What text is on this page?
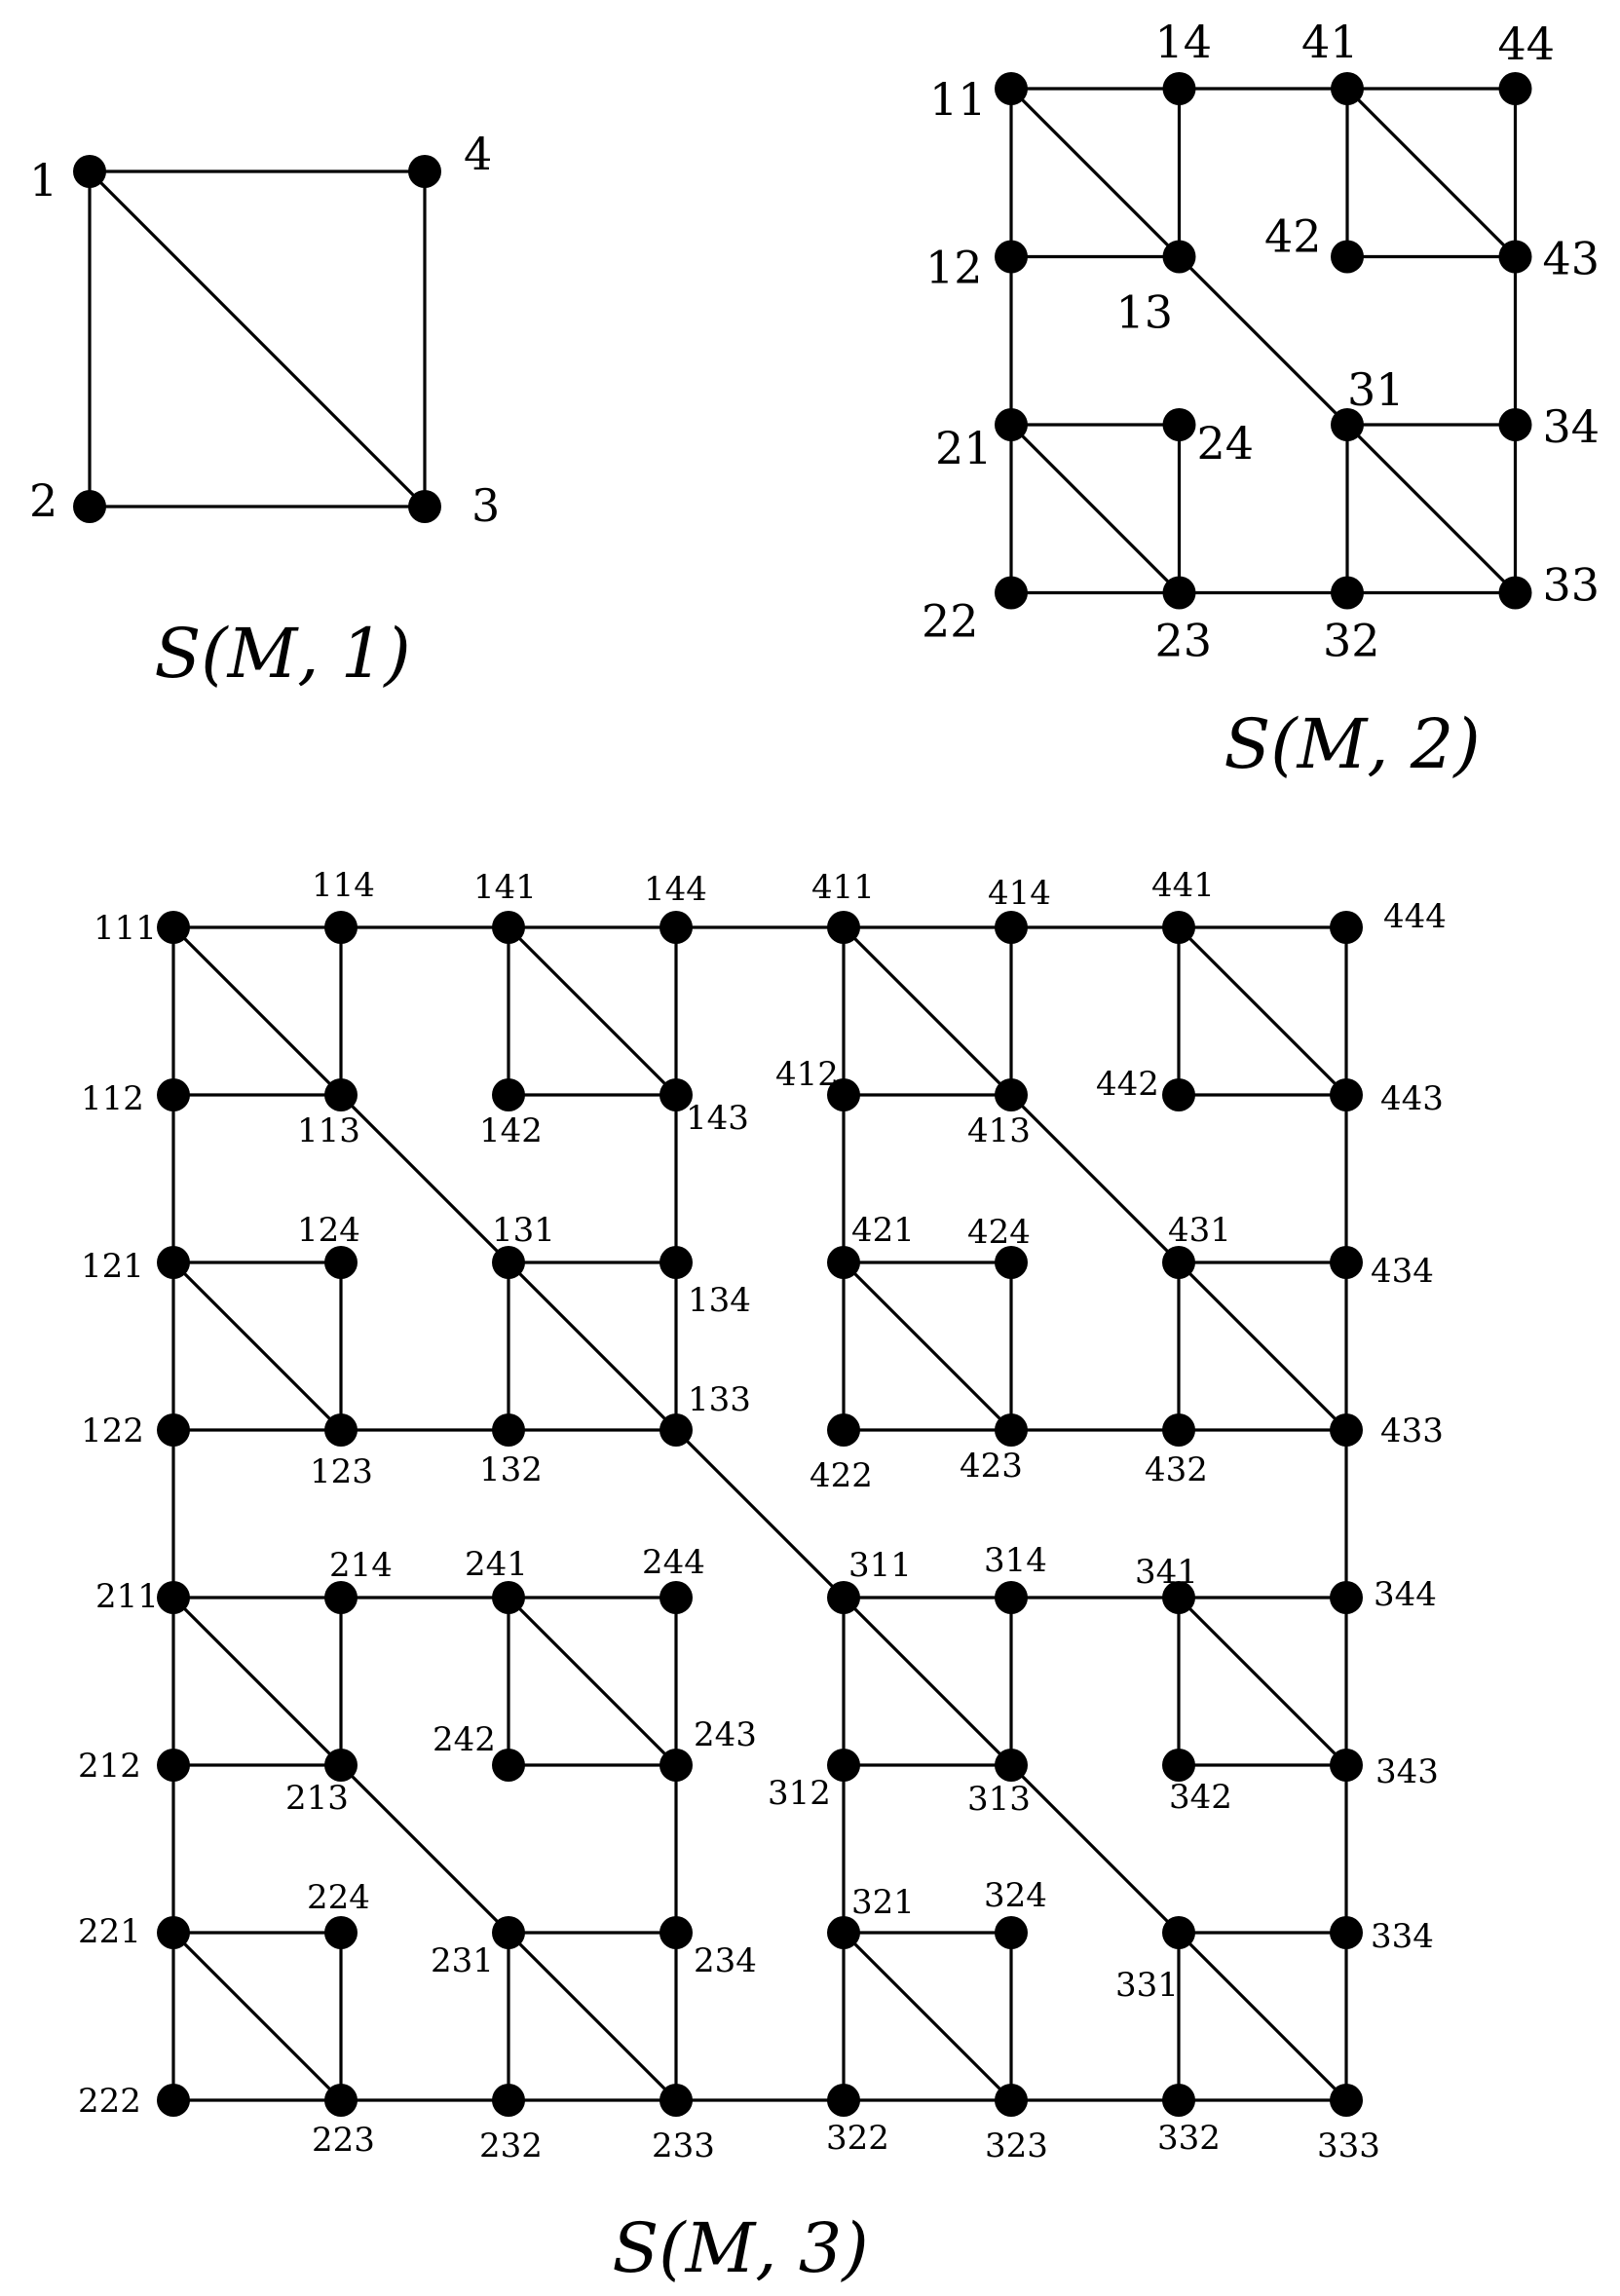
1	4
2	3
11
14 41	44
12
13
42	43
21	24
31
34
22	23 32
33
111
114	141	144	411	414	441
444
112
113	142	143
412
413
442	443
121
124	131
134
421 424	431
434
122
123	132
133
422	423	432
433
211
214 241	244	311 314	341
344
212
213
242	243
312	313	342
343
221
224
231	234
321 324
331
334
222
223	232	233	322	323	332	333
S(M, 1)
S(M, 2)
S(M, 3)
